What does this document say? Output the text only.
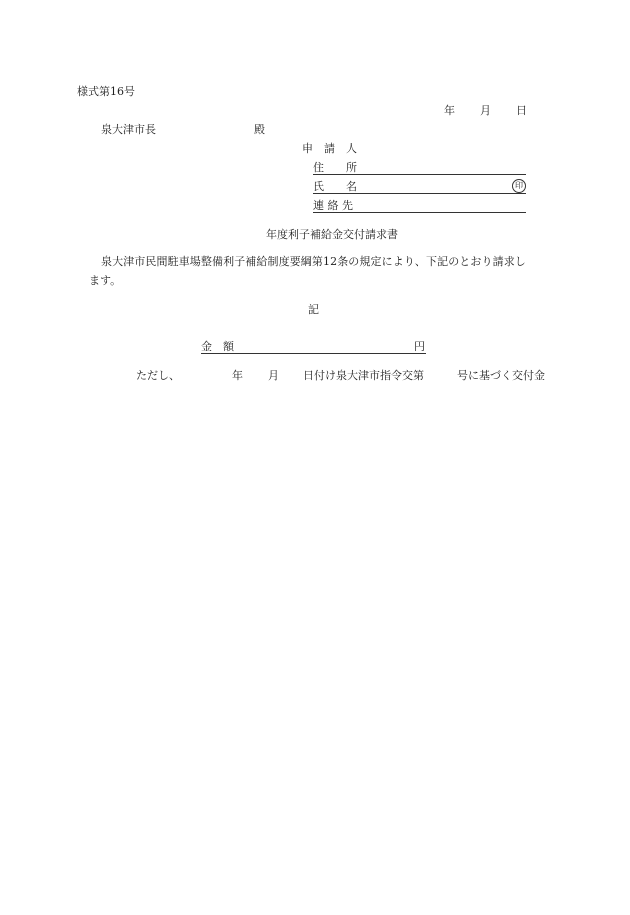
様式第16号
年 月 日
泉大津市長	殿
申　請　人
住　　所
氏　　名	印
連 絡 先
年度利子補給金交付請求書
泉大津市民間駐車場整備利子補給制度要綱第12条の規定により、下記のとおり請求し
ます。
記
金　額	円
ただし、	年 月 日付け泉大津市指令交第	号に基づく交付金
